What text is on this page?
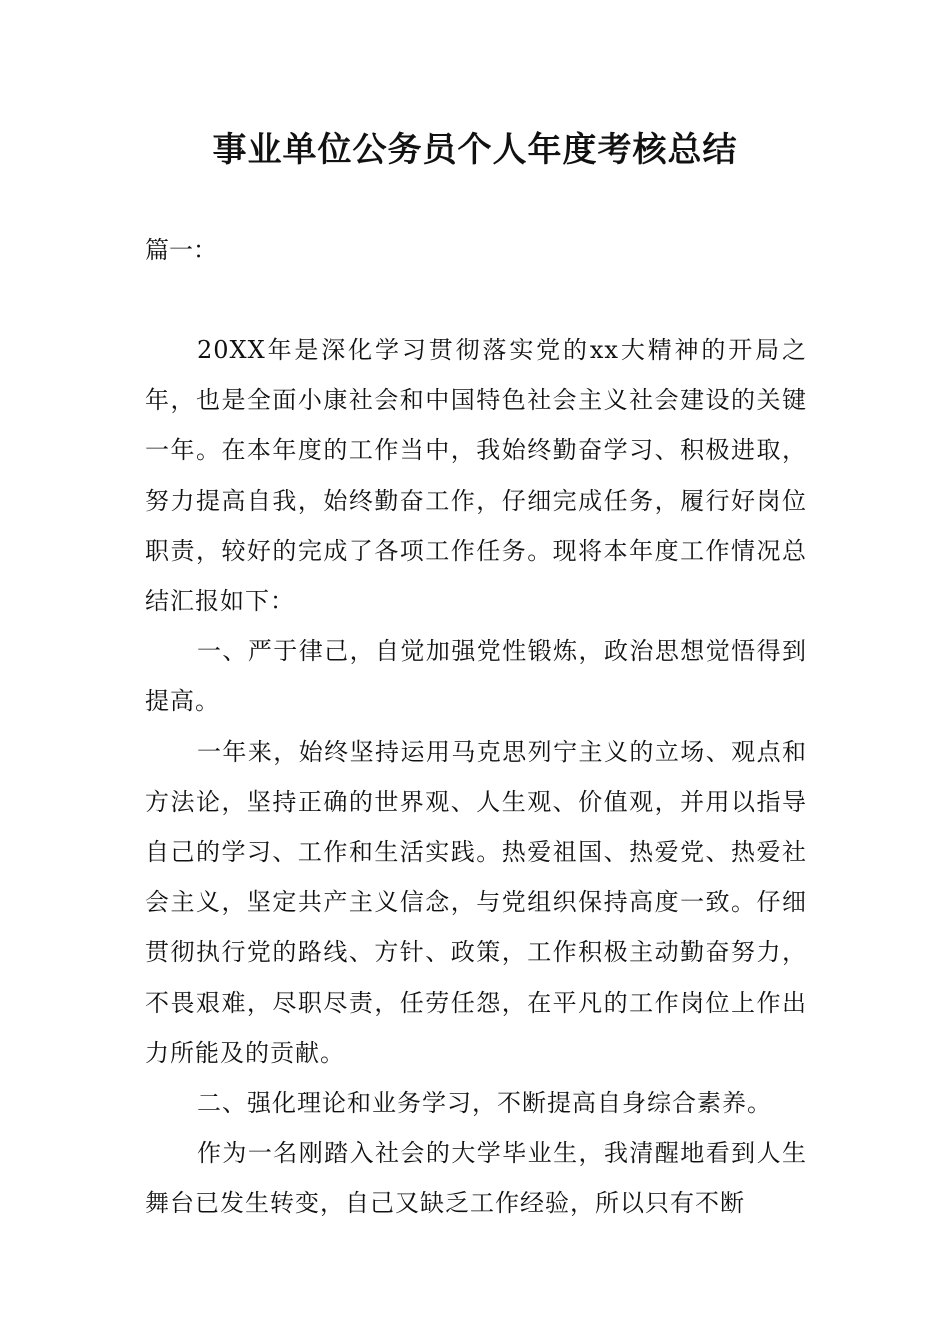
事业单位公务员个人年度考核总结
篇一：

20XX年是深化学习贯彻落实党的xx大精神的开局之年，也是全面小康社会和中国特色社会主义社会建设的关键一年。在本年度的工作当中，我始终勤奋学习、积极进取，努力提高自我，始终勤奋工作，仔细完成任务，履行好岗位职责，较好的完成了各项工作任务。现将本年度工作情况总结汇报如下：

一、严于律己，自觉加强党性锻炼，政治思想觉悟得到提高。

一年来，始终坚持运用马克思列宁主义的立场、观点和方法论，坚持正确的世界观、人生观、价值观，并用以指导自己的学习、工作和生活实践。热爱祖国、热爱党、热爱社会主义，坚定共产主义信念，与党组织保持高度一致。仔细贯彻执行党的路线、方针、政策，工作积极主动勤奋努力，不畏艰难，尽职尽责，任劳任怨，在平凡的工作岗位上作出力所能及的贡献。

二、强化理论和业务学习，不断提高自身综合素养。

作为一名刚踏入社会的大学毕业生，我清醒地看到人生舞台已发生转变，自己又缺乏工作经验，所以只有不断
